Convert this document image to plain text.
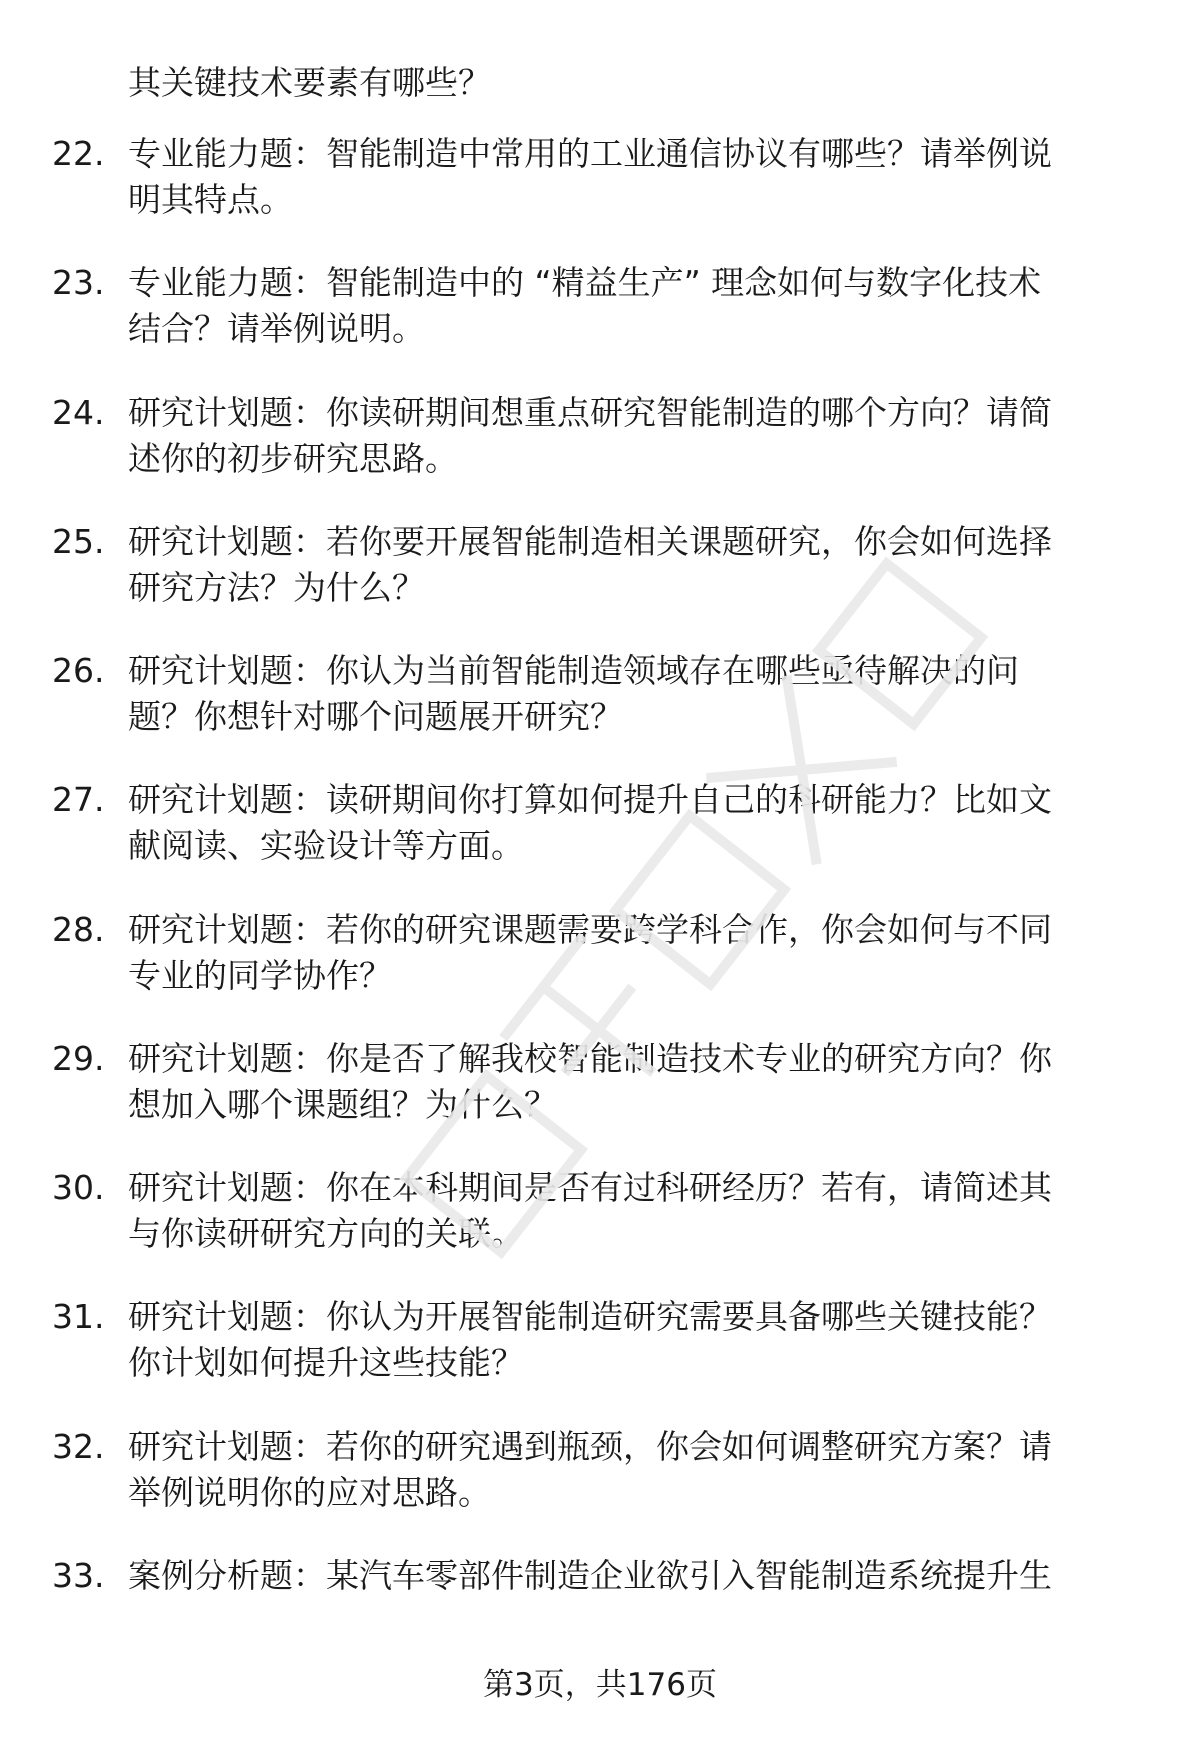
其关键技术要素有哪些？
22. 专业能力题：智能制造中常用的工业通信协议有哪些？请举例说
明其特点。
23. 专业能力题：智能制造中的 “精益生产” 理念如何与数字化技术
结合？请举例说明。
24. 研究计划题：你读研期间想重点研究智能制造的哪个方向？请简
述你的初步研究思路。
25. 研究计划题：若你要开展智能制造相关课题研究，你会如何选择
研究方法？为什么？
26. 研究计划题：你认为当前智能制造领域存在哪些亟待解决的问
题？你想针对哪个问题展开研究？
27. 研究计划题：读研期间你打算如何提升自己的科研能力？比如文
献阅读、实验设计等方面。
28. 研究计划题：若你的研究课题需要跨学科合作，你会如何与不同
专业的同学协作？
29. 研究计划题：你是否了解我校智能制造技术专业的研究方向？你
想加入哪个课题组？为什么？
30. 研究计划题：你在本科期间是否有过科研经历？若有，请简述其
与你读研研究方向的关联。
31. 研究计划题：你认为开展智能制造研究需要具备哪些关键技能？
你计划如何提升这些技能？
32. 研究计划题：若你的研究遇到瓶颈，你会如何调整研究方案？请
举例说明你的应对思路。
33. 案例分析题：某汽车零部件制造企业欲引入智能制造系统提升生
第3页，共176页
